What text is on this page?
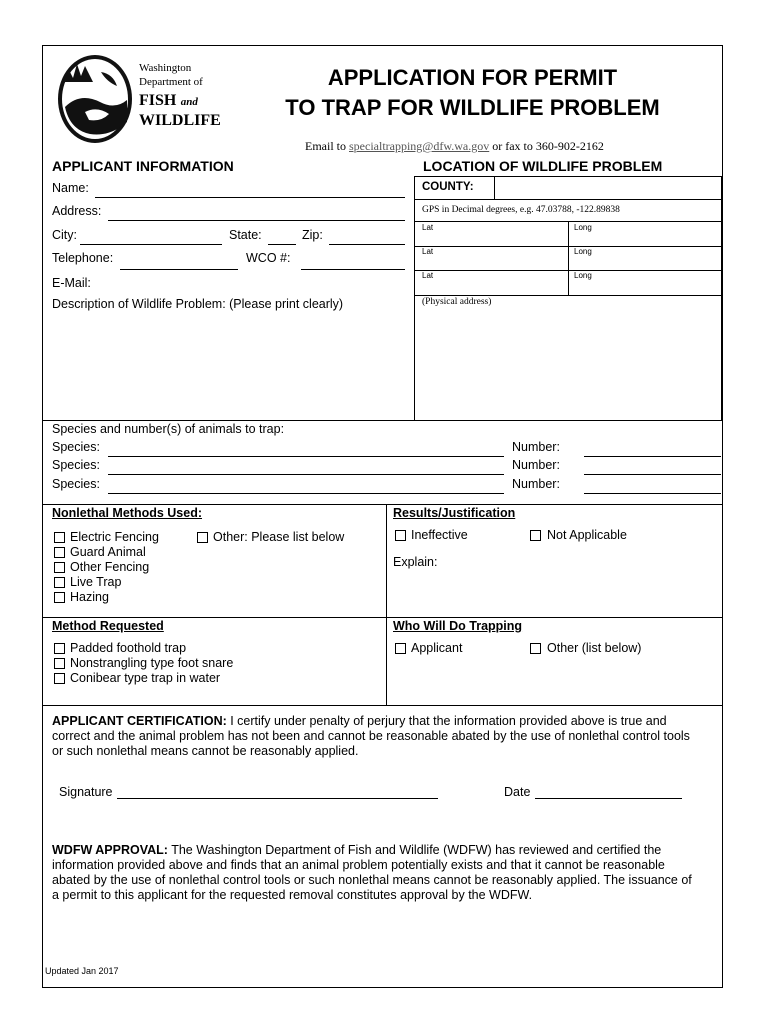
Washington
Department of
FISH and
WILDLIFE
APPLICATION FOR PERMIT
TO TRAP FOR WILDLIFE PROBLEM
Email to specialtrapping@dfw.wa.gov or fax to 360-902-2162
APPLICANT INFORMATION	LOCATION OF WILDLIFE PROBLEM
Name:
Address:
City:	State:	Zip:
Telephone:	WCO #:
E-Mail:
Description of Wildlife Problem: (Please print clearly)
COUNTY:
GPS in Decimal degrees, e.g. 47.03788, -122.89838
Lat	Long
Lat	Long
Lat	Long
(Physical address)
Species and number(s) of animals to trap:
Species:	Number:
Species:	Number:
Species:	Number:
Nonlethal Methods Used:
Electric Fencing
Guard Animal
Other Fencing
Live Trap
Hazing
Other: Please list below
Results/Justification
Ineffective	Not Applicable
Explain:
Method Requested
Padded foothold trap
Nonstrangling type foot snare
Conibear type trap in water
Who Will Do Trapping
Applicant	Other (list below)
APPLICANT CERTIFICATION: I certify under penalty of perjury that the information provided above is true and correct and the animal problem has not been and cannot be reasonable abated by the use of nonlethal control tools or such nonlethal means cannot be reasonably applied.
Signature	Date
WDFW APPROVAL: The Washington Department of Fish and Wildlife (WDFW) has reviewed and certified the information provided above and finds that an animal problem potentially exists and that it cannot be reasonable abated by the use of nonlethal control tools or such nonlethal means cannot be reasonably applied. The issuance of a permit to this applicant for the requested removal constitutes approval by the WDFW.
Updated Jan 2017
